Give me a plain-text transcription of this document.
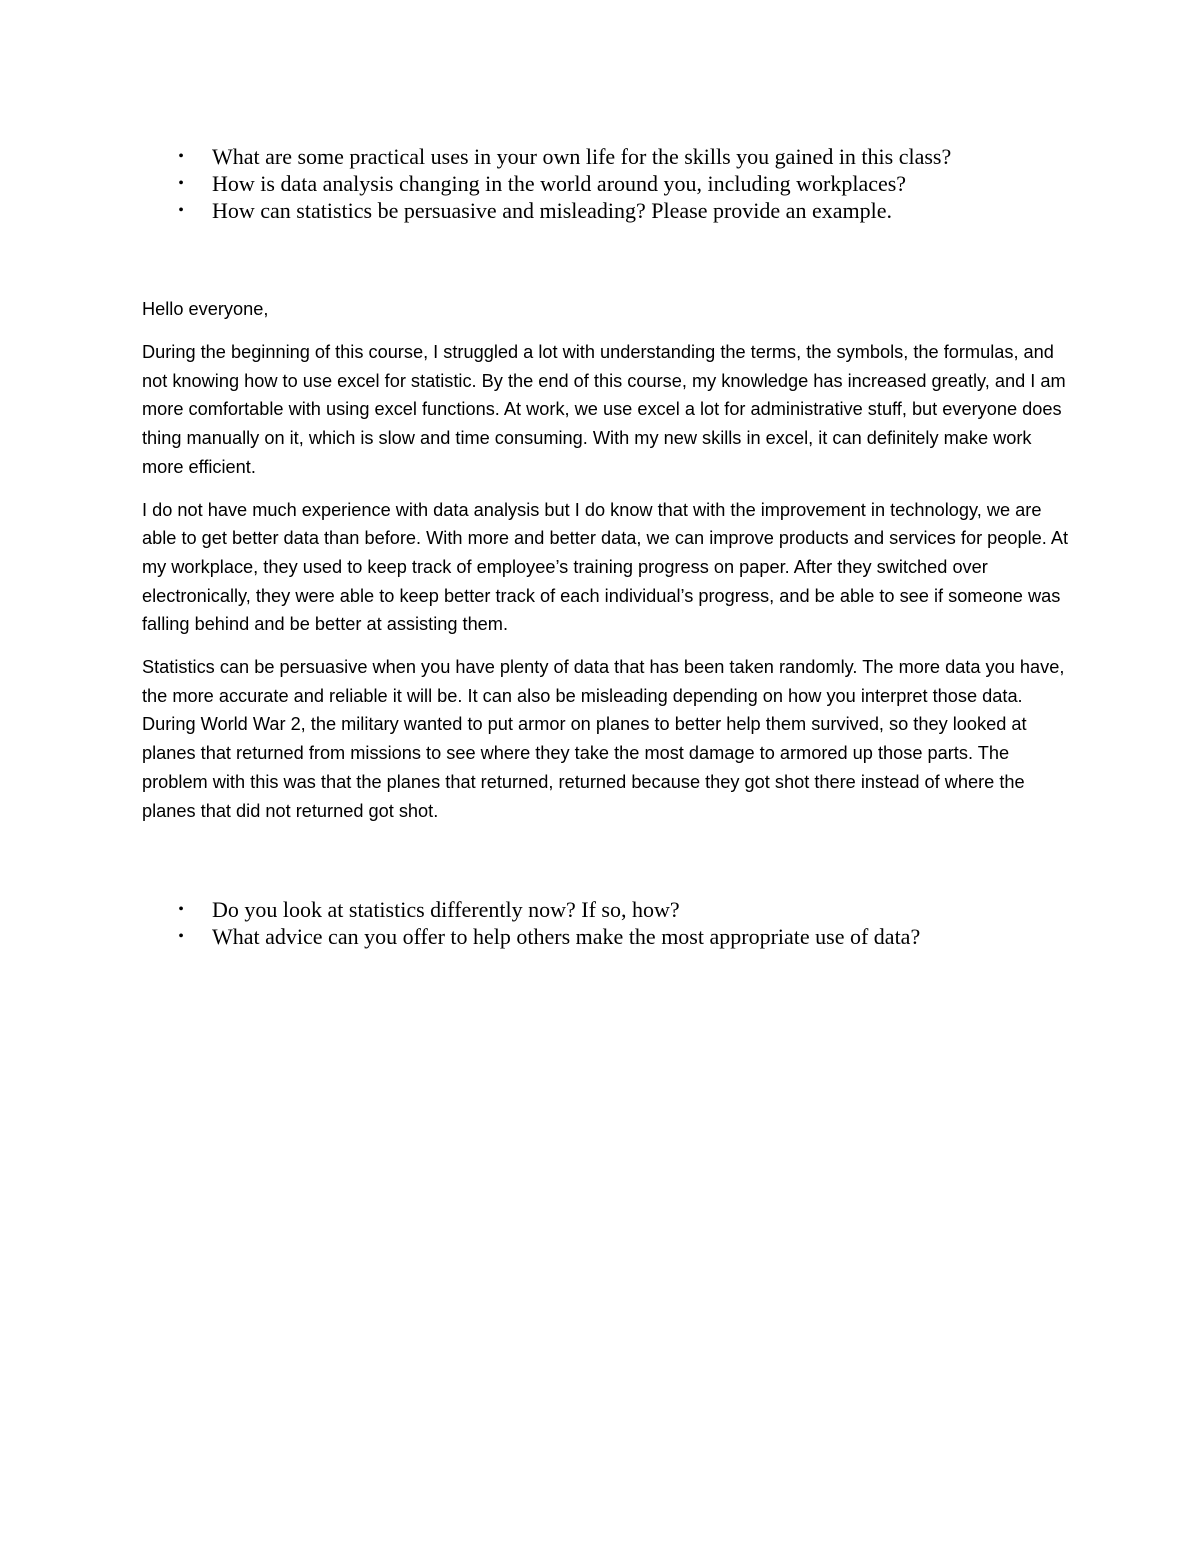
• What are some practical uses in your own life for the skills you gained in this class?
• How is data analysis changing in the world around you, including workplaces?
• How can statistics be persuasive and misleading? Please provide an example.

Hello everyone,

During the beginning of this course, I struggled a lot with understanding the terms, the symbols, the formulas, and not knowing how to use excel for statistic. By the end of this course, my knowledge has increased greatly, and I am more comfortable with using excel functions. At work, we use excel a lot for administrative stuff, but everyone does thing manually on it, which is slow and time consuming. With my new skills in excel, it can definitely make work more efficient.

I do not have much experience with data analysis but I do know that with the improvement in technology, we are able to get better data than before. With more and better data, we can improve products and services for people. At my workplace, they used to keep track of employee’s training progress on paper. After they switched over electronically, they were able to keep better track of each individual’s progress, and be able to see if someone was falling behind and be better at assisting them.

Statistics can be persuasive when you have plenty of data that has been taken randomly. The more data you have, the more accurate and reliable it will be. It can also be misleading depending on how you interpret those data. During World War 2, the military wanted to put armor on planes to better help them survived, so they looked at planes that returned from missions to see where they take the most damage to armored up those parts. The problem with this was that the planes that returned, returned because they got shot there instead of where the planes that did not returned got shot.

• Do you look at statistics differently now? If so, how?
• What advice can you offer to help others make the most appropriate use of data?
